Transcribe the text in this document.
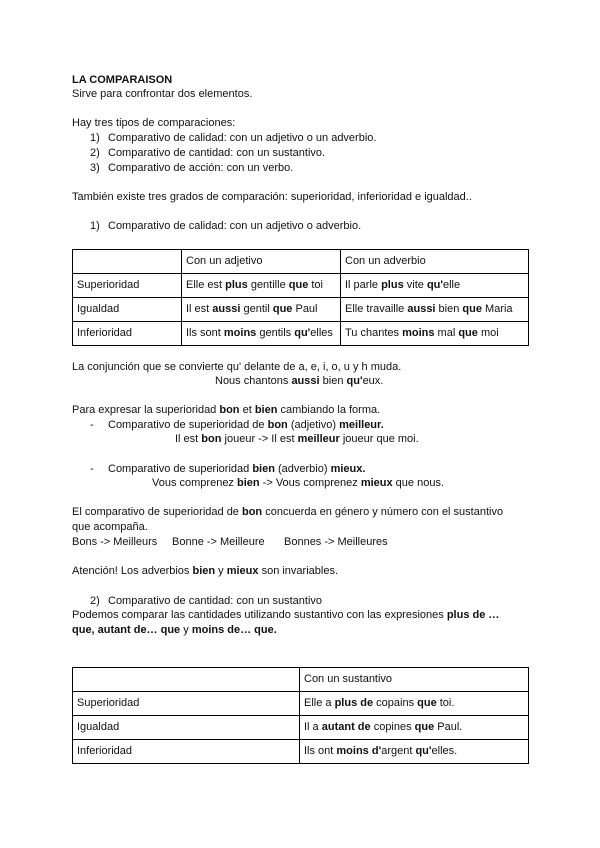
LA COMPARAISON
Sirve para confrontar dos elementos.
Hay tres tipos de comparaciones:
1) Comparativo de calidad: con un adjetivo o un adverbio.
2) Comparativo de cantidad: con un sustantivo.
3) Comparativo de acción: con un verbo.
También existe tres grados de comparación: superioridad, inferioridad e igualdad..
1) Comparativo de calidad: con un adjetivo o adverbio.
	Con un adjetivo	Con un adverbio
Superioridad	Elle est plus gentille que toi	Il parle plus vite qu'elle
Igualdad	Il est aussi gentil que Paul	Elle travaille aussi bien que Maria
Inferioridad	Ils sont moins gentils qu'elles	Tu chantes moins mal que moi
La conjunción que se convierte qu' delante de a, e, i, o, u y h muda.
Nous chantons aussi bien qu'eux.
Para expresar la superioridad bon et bien cambiando la forma.
- Comparativo de superioridad de bon (adjetivo) meilleur.
Il est bon joueur -> Il est meilleur joueur que moi.
- Comparativo de superioridad bien (adverbio) mieux.
Vous comprenez bien -> Vous comprenez mieux que nous.
El comparativo de superioridad de bon concuerda en género y número con el sustantivo
que acompaña.
Bons -> Meilleurs Bonne -> Meilleure Bonnes -> Meilleures
Atención! Los adverbios bien y mieux son invariables.
2) Comparativo de cantidad: con un sustantivo
Podemos comparar las cantidades utilizando sustantivo con las expresiones plus de …
que, autant de… que y moins de… que.
	Con un sustantivo
Superioridad	Elle a plus de copains que toi.
Igualdad	Il a autant de copines que Paul.
Inferioridad	Ils ont moins d'argent qu'elles.
